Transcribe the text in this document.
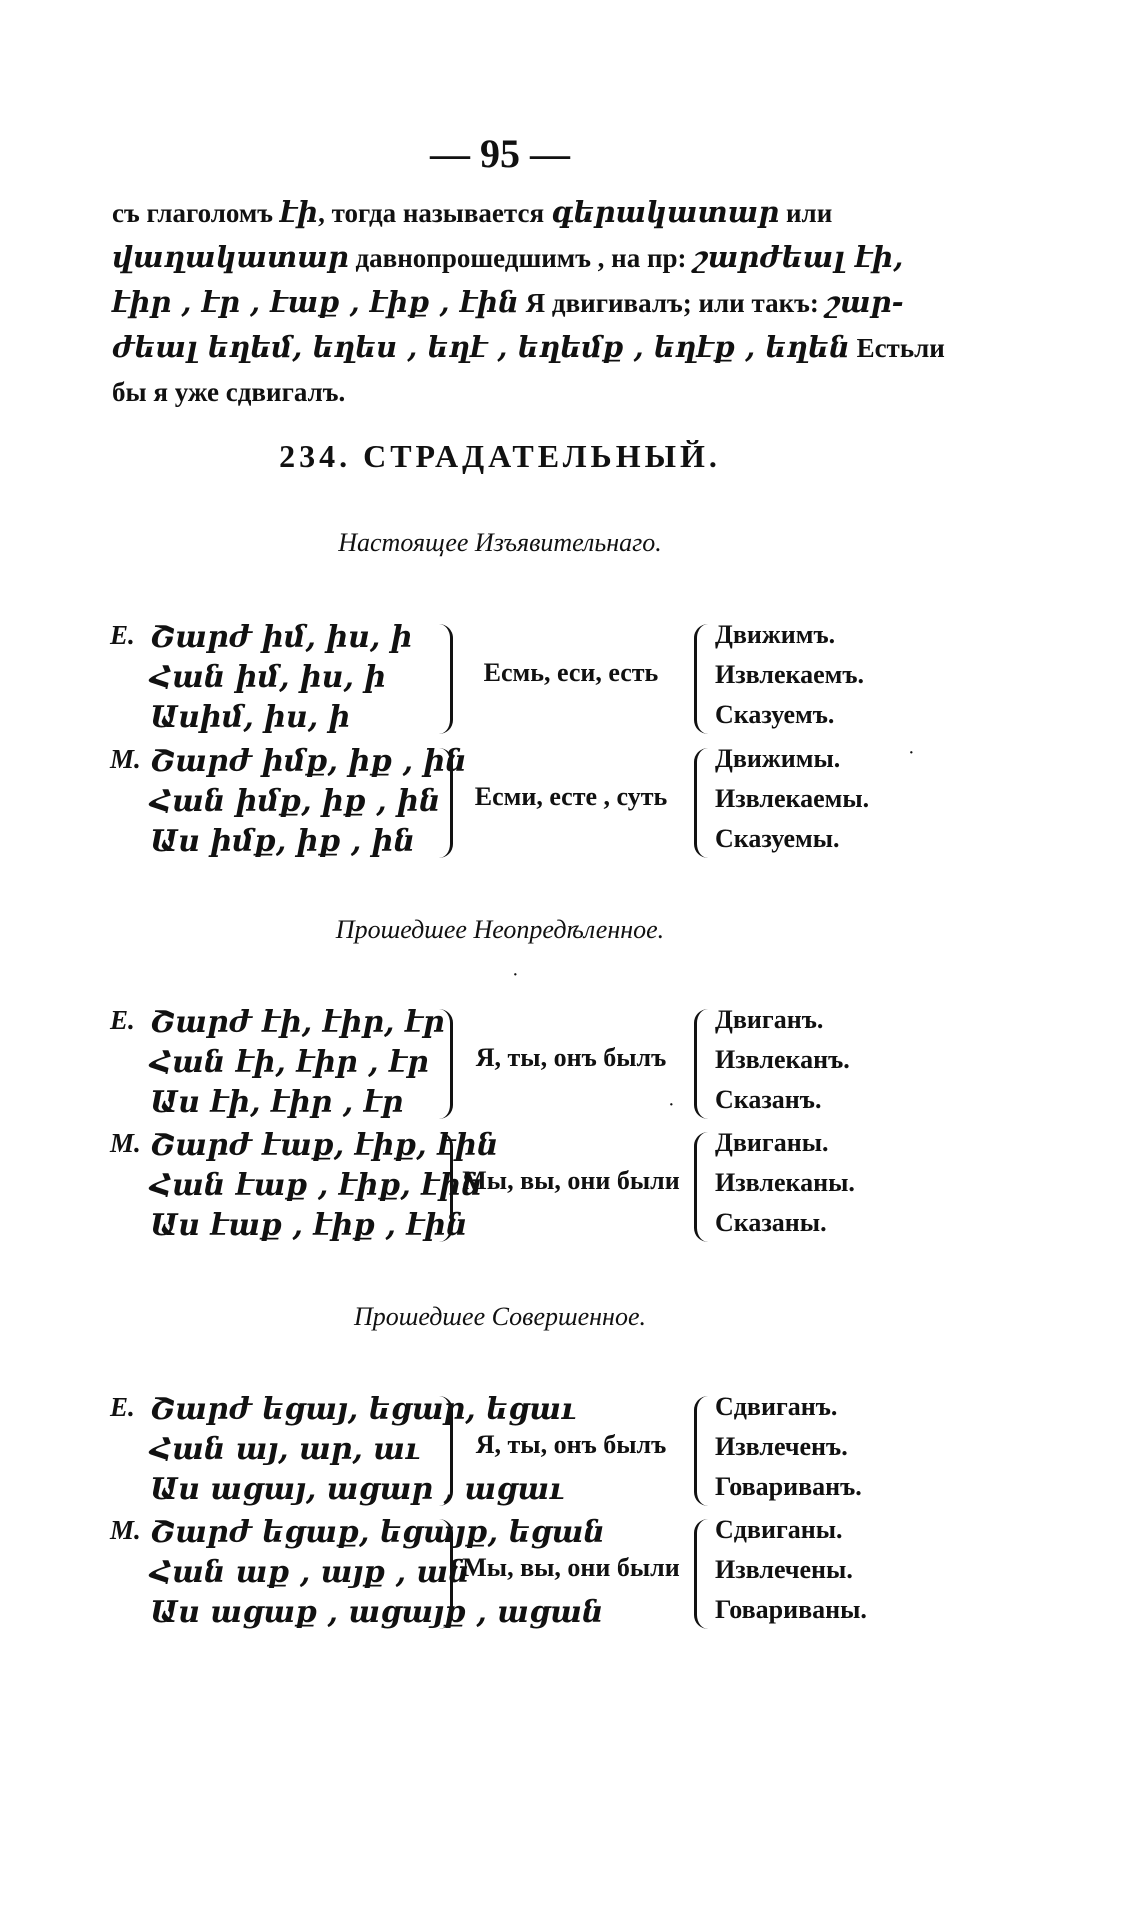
— 95 —
съ глаголомъ էի, тогда называется գերակատար или
վաղակատար давнопрошедшимъ , на пр: շարժեալ էի,
էիր , էր , էաք , էիք , էին Я двигивалъ; или такъ: շար-
ժեալ եղեմ, եղես , եղէ , եղեմք , եղէք , եղեն Естьли
бы я уже сдвигалъ.
234. СТРАДАТЕЛЬНЫЙ.
Настоящее Изъявительнаго.
Е. Շարժ իմ, իս, ի
Հան իմ, իս, ի
Ասիմ, իս, ի
Есмь, еси, есть
Движимъ.
Извлекаемъ.
Сказуемъ.
М. Շարժ իմք, իք , ին
Հան իմք, իք , ին
Աս իմք, իք , ին
Есми, есте , суть
Движимы.
Извлекаемы.
Сказуемы.
Прошедшее Неопредѣленное.
Е. Շարժ էի, էիր, էր
Հան էի, էիր , էր
Աս էի, էիր , էր
Я, ты, онъ былъ
Двиганъ.
Извлеканъ.
Сказанъ.
М. Շարժ էաք, էիք, էին
Հան էաք , էիք, էին
Աս էաք , էիք , էին
Мы, вы, они были
Двиганы.
Извлеканы.
Сказаны.
Прошедшее Совершенное.
Е. Շարժ եցայ, եցար, եցաւ
Հան այ, ար, աւ
Աս ացայ, ացար , ացաւ
Я, ты, онъ былъ
Сдвиганъ.
Извлеченъ.
Говариванъ.
М. Շարժ եցաք, եցայք, եցան
Հան աք , այք , ան
Աս ացաք , ացայք , ացան
Мы, вы, они были
Сдвиганы.
Извлечены.
Говариваны.
·
·
·
